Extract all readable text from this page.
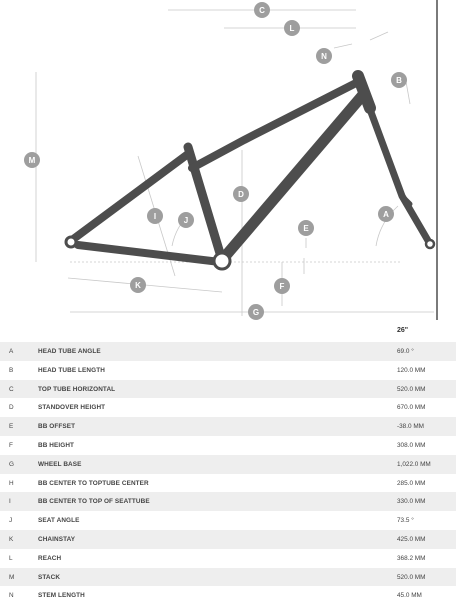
C
L
N
B
M
D
I	J
E
A
K	F
G
26"
A	HEAD TUBE ANGLE	69.0 °
B	HEAD TUBE LENGTH	120.0 MM
C	TOP TUBE HORIZONTAL	520.0 MM
D	STANDOVER HEIGHT	670.0 MM
E	BB OFFSET	-38.0 MM
F	BB HEIGHT	308.0 MM
G	WHEEL BASE	1,022.0 MM
H	BB CENTER TO TOPTUBE CENTER	285.0 MM
I	BB CENTER TO TOP OF SEATTUBE	330.0 MM
J	SEAT ANGLE	73.5 °
K	CHAINSTAY	425.0 MM
L	REACH	368.2 MM
M	STACK	520.0 MM
N	STEM LENGTH	45.0 MM
